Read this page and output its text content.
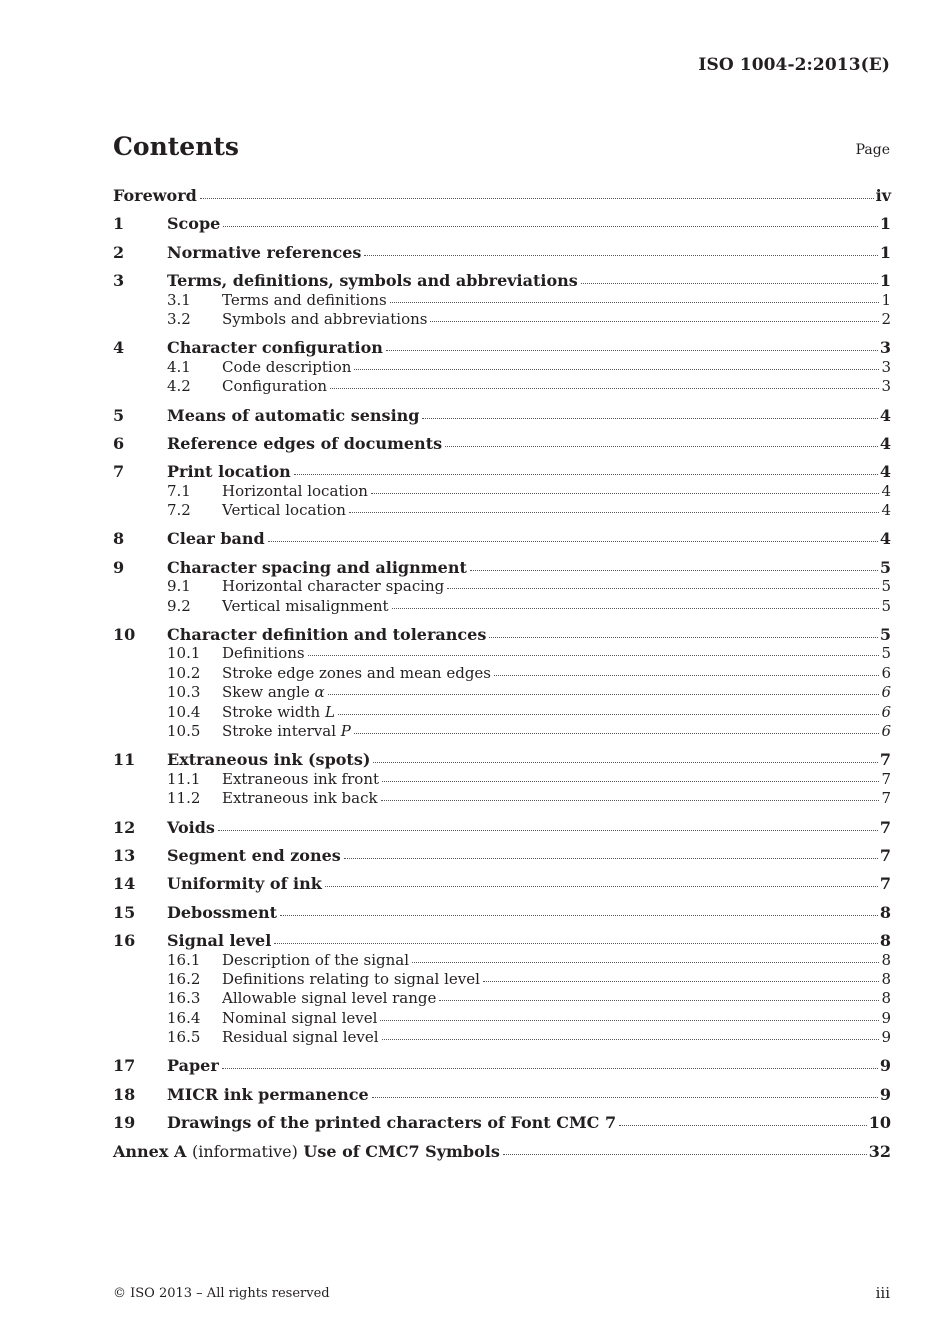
ISO 1004-2:2013(E)
Contents	Page
Foreword	iv
1	Scope	1
2	Normative references	1
3	Terms, definitions, symbols and abbreviations	1
3.1	Terms and definitions	1
3.2	Symbols and abbreviations	2
4	Character configuration	3
4.1	Code description	3
4.2	Configuration	3
5	Means of automatic sensing	4
6	Reference edges of documents	4
7	Print location	4
7.1	Horizontal location	4
7.2	Vertical location	4
8	Clear band	4
9	Character spacing and alignment	5
9.1	Horizontal character spacing	5
9.2	Vertical misalignment	5
10	Character definition and tolerances	5
10.1	Definitions	5
10.2	Stroke edge zones and mean edges	6
10.3	Skew angle α	6
10.4	Stroke width L	6
10.5	Stroke interval P	6
11	Extraneous ink (spots)	7
11.1	Extraneous ink front	7
11.2	Extraneous ink back	7
12	Voids	7
13	Segment end zones	7
14	Uniformity of ink	7
15	Debossment	8
16	Signal level	8
16.1	Description of the signal	8
16.2	Definitions relating to signal level	8
16.3	Allowable signal level range	8
16.4	Nominal signal level	9
16.5	Residual signal level	9
17	Paper	9
18	MICR ink permanence	9
19	Drawings of the printed characters of Font CMC 7	10
Annex A (informative) Use of CMC7 Symbols	32
© ISO 2013 – All rights reserved	iii
